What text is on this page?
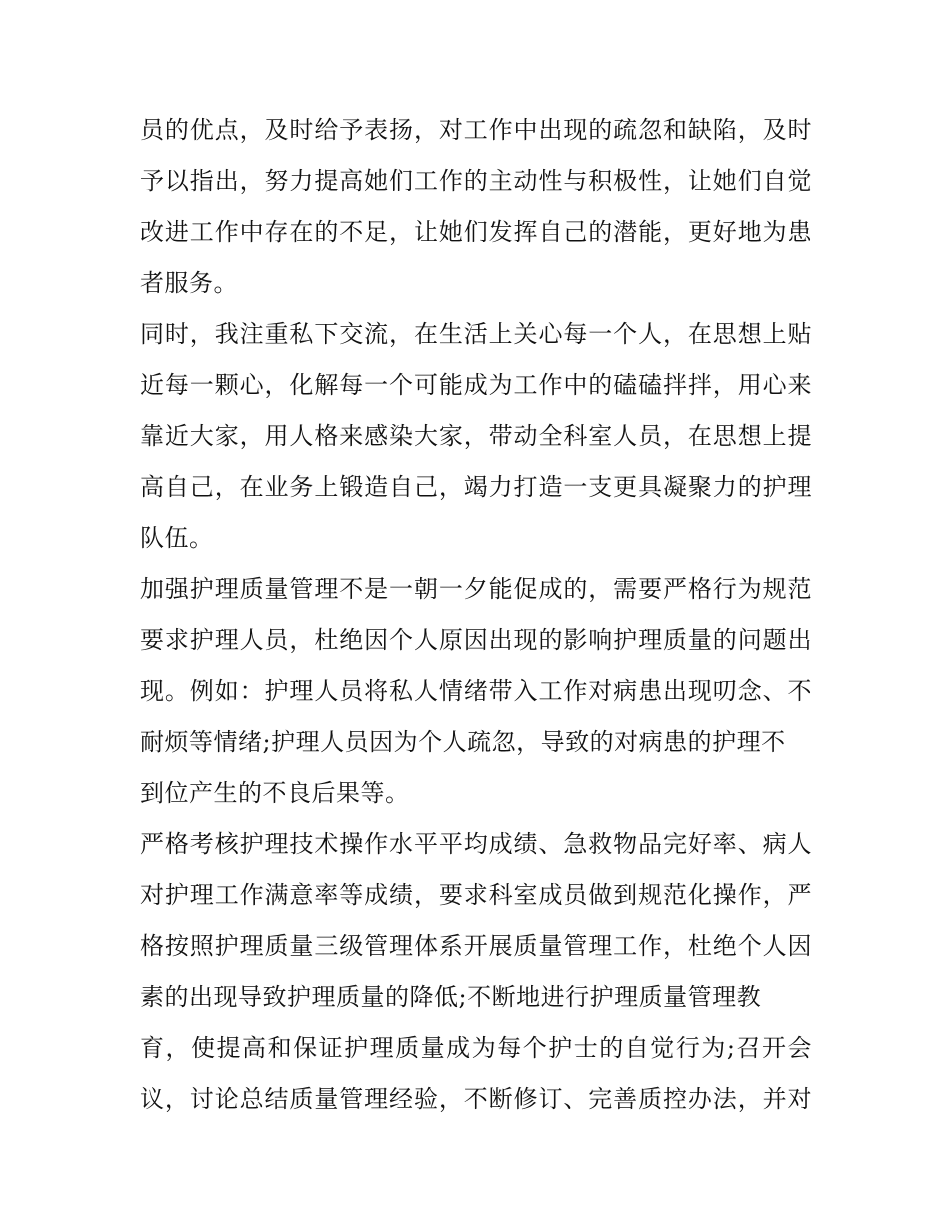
员的优点，及时给予表扬，对工作中出现的疏忽和缺陷，及时
予以指出，努力提高她们工作的主动性与积极性，让她们自觉
改进工作中存在的不足，让她们发挥自己的潜能，更好地为患
者服务。
同时，我注重私下交流，在生活上关心每一个人，在思想上贴
近每一颗心，化解每一个可能成为工作中的磕磕拌拌，用心来
靠近大家，用人格来感染大家，带动全科室人员，在思想上提
高自己，在业务上锻造自己，竭力打造一支更具凝聚力的护理
队伍。
加强护理质量管理不是一朝一夕能促成的，需要严格行为规范
要求护理人员，杜绝因个人原因出现的影响护理质量的问题出
现。例如：护理人员将私人情绪带入工作对病患出现叨念、不
耐烦等情绪;护理人员因为个人疏忽，导致的对病患的护理不
到位产生的不良后果等。
严格考核护理技术操作水平平均成绩、急救物品完好率、病人
对护理工作满意率等成绩，要求科室成员做到规范化操作，严
格按照护理质量三级管理体系开展质量管理工作，杜绝个人因
素的出现导致护理质量的降低;不断地进行护理质量管理教
育，使提高和保证护理质量成为每个护士的自觉行为;召开会
议，讨论总结质量管理经验，不断修订、完善质控办法，并对
